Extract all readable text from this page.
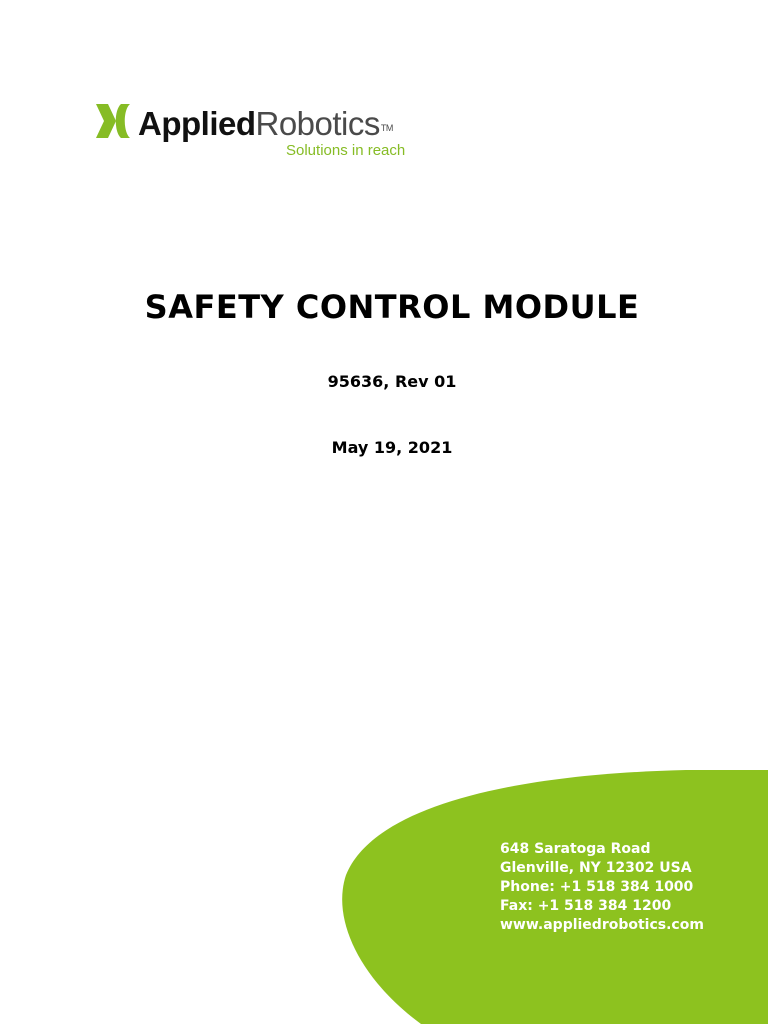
AppliedRobotics™
Solutions in reach
SAFETY CONTROL MODULE
95636, Rev 01
May 19, 2021
648 Saratoga Road
Glenville, NY 12302 USA
Phone: +1 518 384 1000
Fax: +1 518 384 1200
www.appliedrobotics.com
